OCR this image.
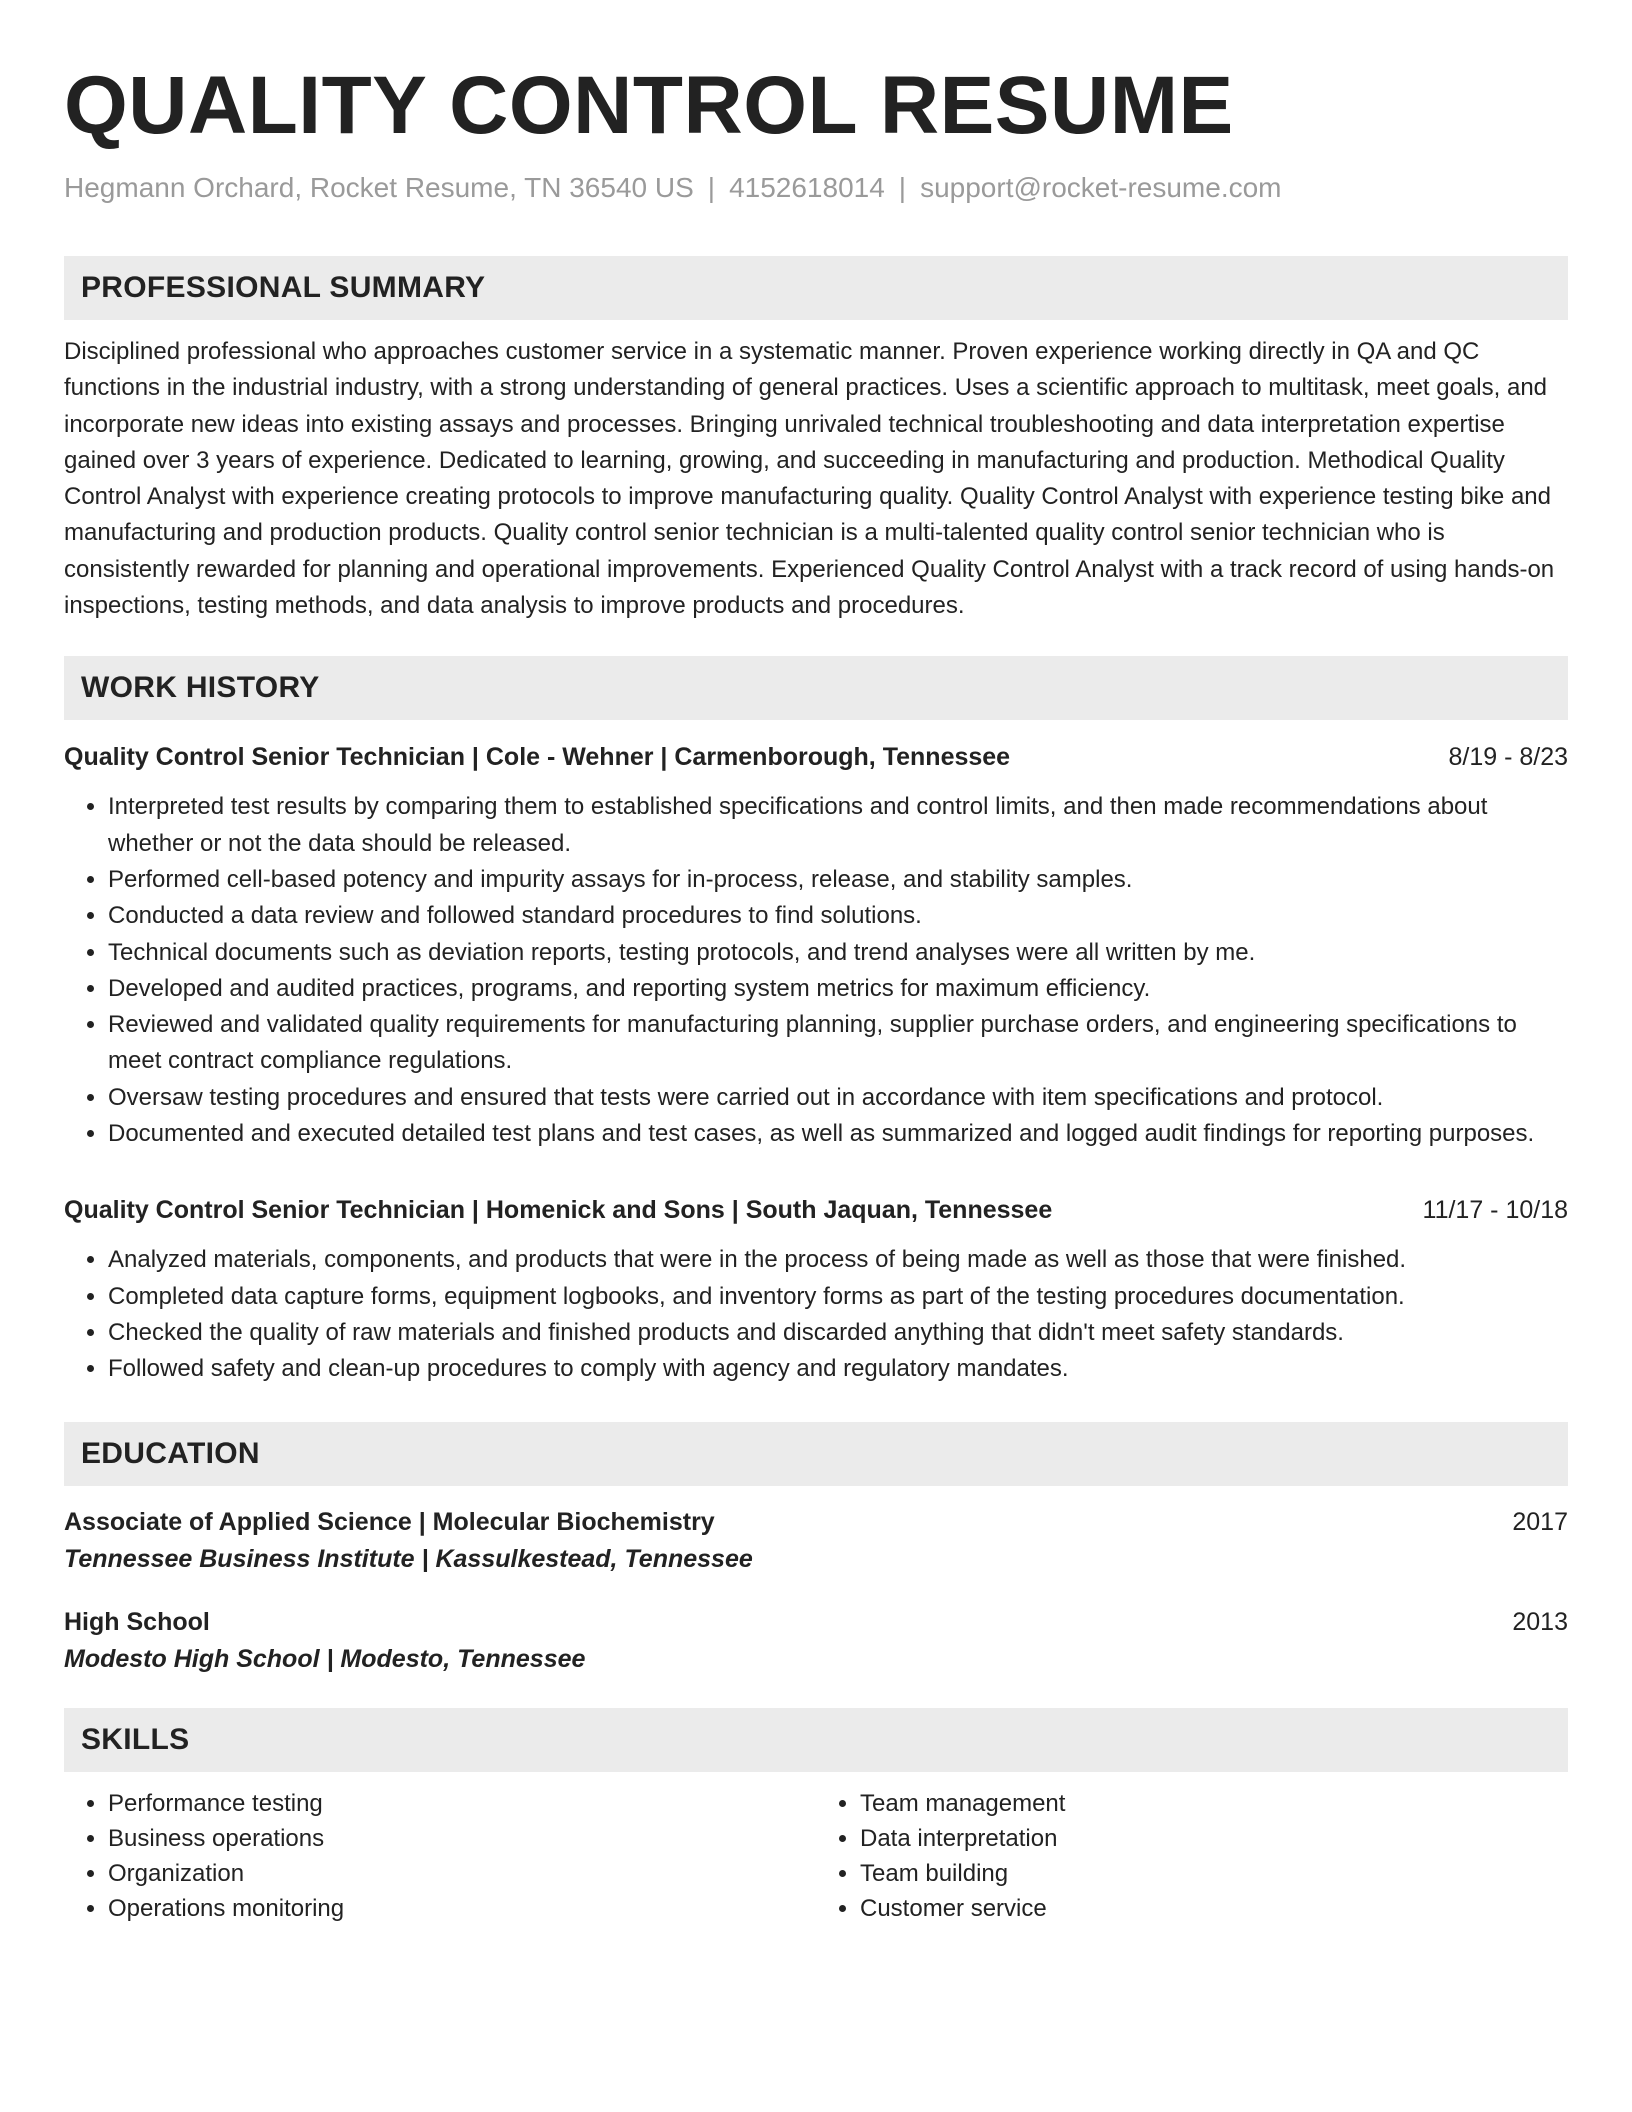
QUALITY CONTROL RESUME
Hegmann Orchard, Rocket Resume, TN 36540 US | 4152618014 | support@rocket-resume.com
PROFESSIONAL SUMMARY
Disciplined professional who approaches customer service in a systematic manner. Proven experience working directly in QA and QC functions in the industrial industry, with a strong understanding of general practices. Uses a scientific approach to multitask, meet goals, and incorporate new ideas into existing assays and processes. Bringing unrivaled technical troubleshooting and data interpretation expertise gained over 3 years of experience. Dedicated to learning, growing, and succeeding in manufacturing and production. Methodical Quality Control Analyst with experience creating protocols to improve manufacturing quality. Quality Control Analyst with experience testing bike and manufacturing and production products. Quality control senior technician is a multi-talented quality control senior technician who is consistently rewarded for planning and operational improvements. Experienced Quality Control Analyst with a track record of using hands-on inspections, testing methods, and data analysis to improve products and procedures.
WORK HISTORY
Quality Control Senior Technician | Cole - Wehner | Carmenborough, Tennessee	8/19 - 8/23
• Interpreted test results by comparing them to established specifications and control limits, and then made recommendations about whether or not the data should be released.
• Performed cell-based potency and impurity assays for in-process, release, and stability samples.
• Conducted a data review and followed standard procedures to find solutions.
• Technical documents such as deviation reports, testing protocols, and trend analyses were all written by me.
• Developed and audited practices, programs, and reporting system metrics for maximum efficiency.
• Reviewed and validated quality requirements for manufacturing planning, supplier purchase orders, and engineering specifications to meet contract compliance regulations.
• Oversaw testing procedures and ensured that tests were carried out in accordance with item specifications and protocol.
• Documented and executed detailed test plans and test cases, as well as summarized and logged audit findings for reporting purposes.
Quality Control Senior Technician | Homenick and Sons | South Jaquan, Tennessee	11/17 - 10/18
• Analyzed materials, components, and products that were in the process of being made as well as those that were finished.
• Completed data capture forms, equipment logbooks, and inventory forms as part of the testing procedures documentation.
• Checked the quality of raw materials and finished products and discarded anything that didn't meet safety standards.
• Followed safety and clean-up procedures to comply with agency and regulatory mandates.
EDUCATION
Associate of Applied Science | Molecular Biochemistry	2017
Tennessee Business Institute | Kassulkestead, Tennessee
High School	2013
Modesto High School | Modesto, Tennessee
SKILLS
• Performance testing
• Business operations
• Organization
• Operations monitoring
• Team management
• Data interpretation
• Team building
• Customer service
